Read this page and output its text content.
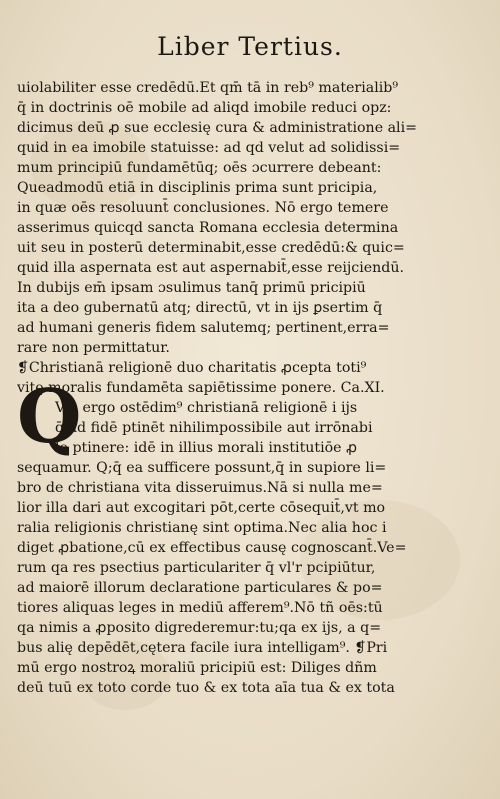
Liber Tertius.
uiolabiliter esse credēdū.Et qm̄ tā in reb⁹ materialib⁹
q̄ in doctrinis oē mobile ad aliqd imobile reduci opz:
dicimus deū ꝓ sue ecclesię cura & administratione ali=
quid in ea imobile statuisse: ad qd velut ad solidissi=
mum principiū fundamētūq; oēs ɔcurrere debeant:
Queadmodū etiā in disciplinis prima sunt pricipia,
in quæ oēs resoluunt̄ conclusiones. Nō ergo temere
asserimus quicqd sancta Romana ecclesia determina
uit seu in posterū determinabit,esse credēdū:& quic=
quid illa aspernata est aut aspernabit̄,esse reijciendū.
In dubijs em̄ ipsam ɔsulimus tanq̄ primū pricipiū
ita a deo gubernatū atq; directū, vt in ijs ꝑsertim q̄
ad humani generis fidem salutemq; pertinent,erra=
rare non permittatur.
❡Christianā religionē duo charitatis ꝓcepta toti⁹
vitę moralis fundamēta sapiētissime ponere. Ca.XI.
Via ergo ostēdim⁹ christianā religionē i ijs
q̄ ad fidē ptinēt nihilimpossibile aut irrōnabi
le ptinere: idē in illius morali institutiōe ꝓ
sequamur. Q;q̄ ea sufficere possunt,q̄ in supiore li=
bro de christiana vita disseruimus.Nā si nulla me=
lior illa dari aut excogitari pōt,certe cōsequit̄,vt mo
ralia religionis christianę sint optima.Nec alia hoc i
diget ꝓbatione,cū ex effectibus causę cognoscant̄.Ve=
rum qa res psectius particulariter q̄ vl'r pcipiūtur,
ad maiorē illorum declaratione particulares & po=
tiores aliquas leges in mediū afferem⁹.Nō tñ oēs:tū
qa nimis a ꝓposito digrederemur:tu;qa ex ijs, a q=
bus alię depēdēt,cętera facile iura intelligam⁹. ❡Pri
mū ergo nostroꝝ moraliū pricipiū est: Diliges dñm
deū tuū ex toto corde tuo & ex tota aīa tua & ex tota
Q
